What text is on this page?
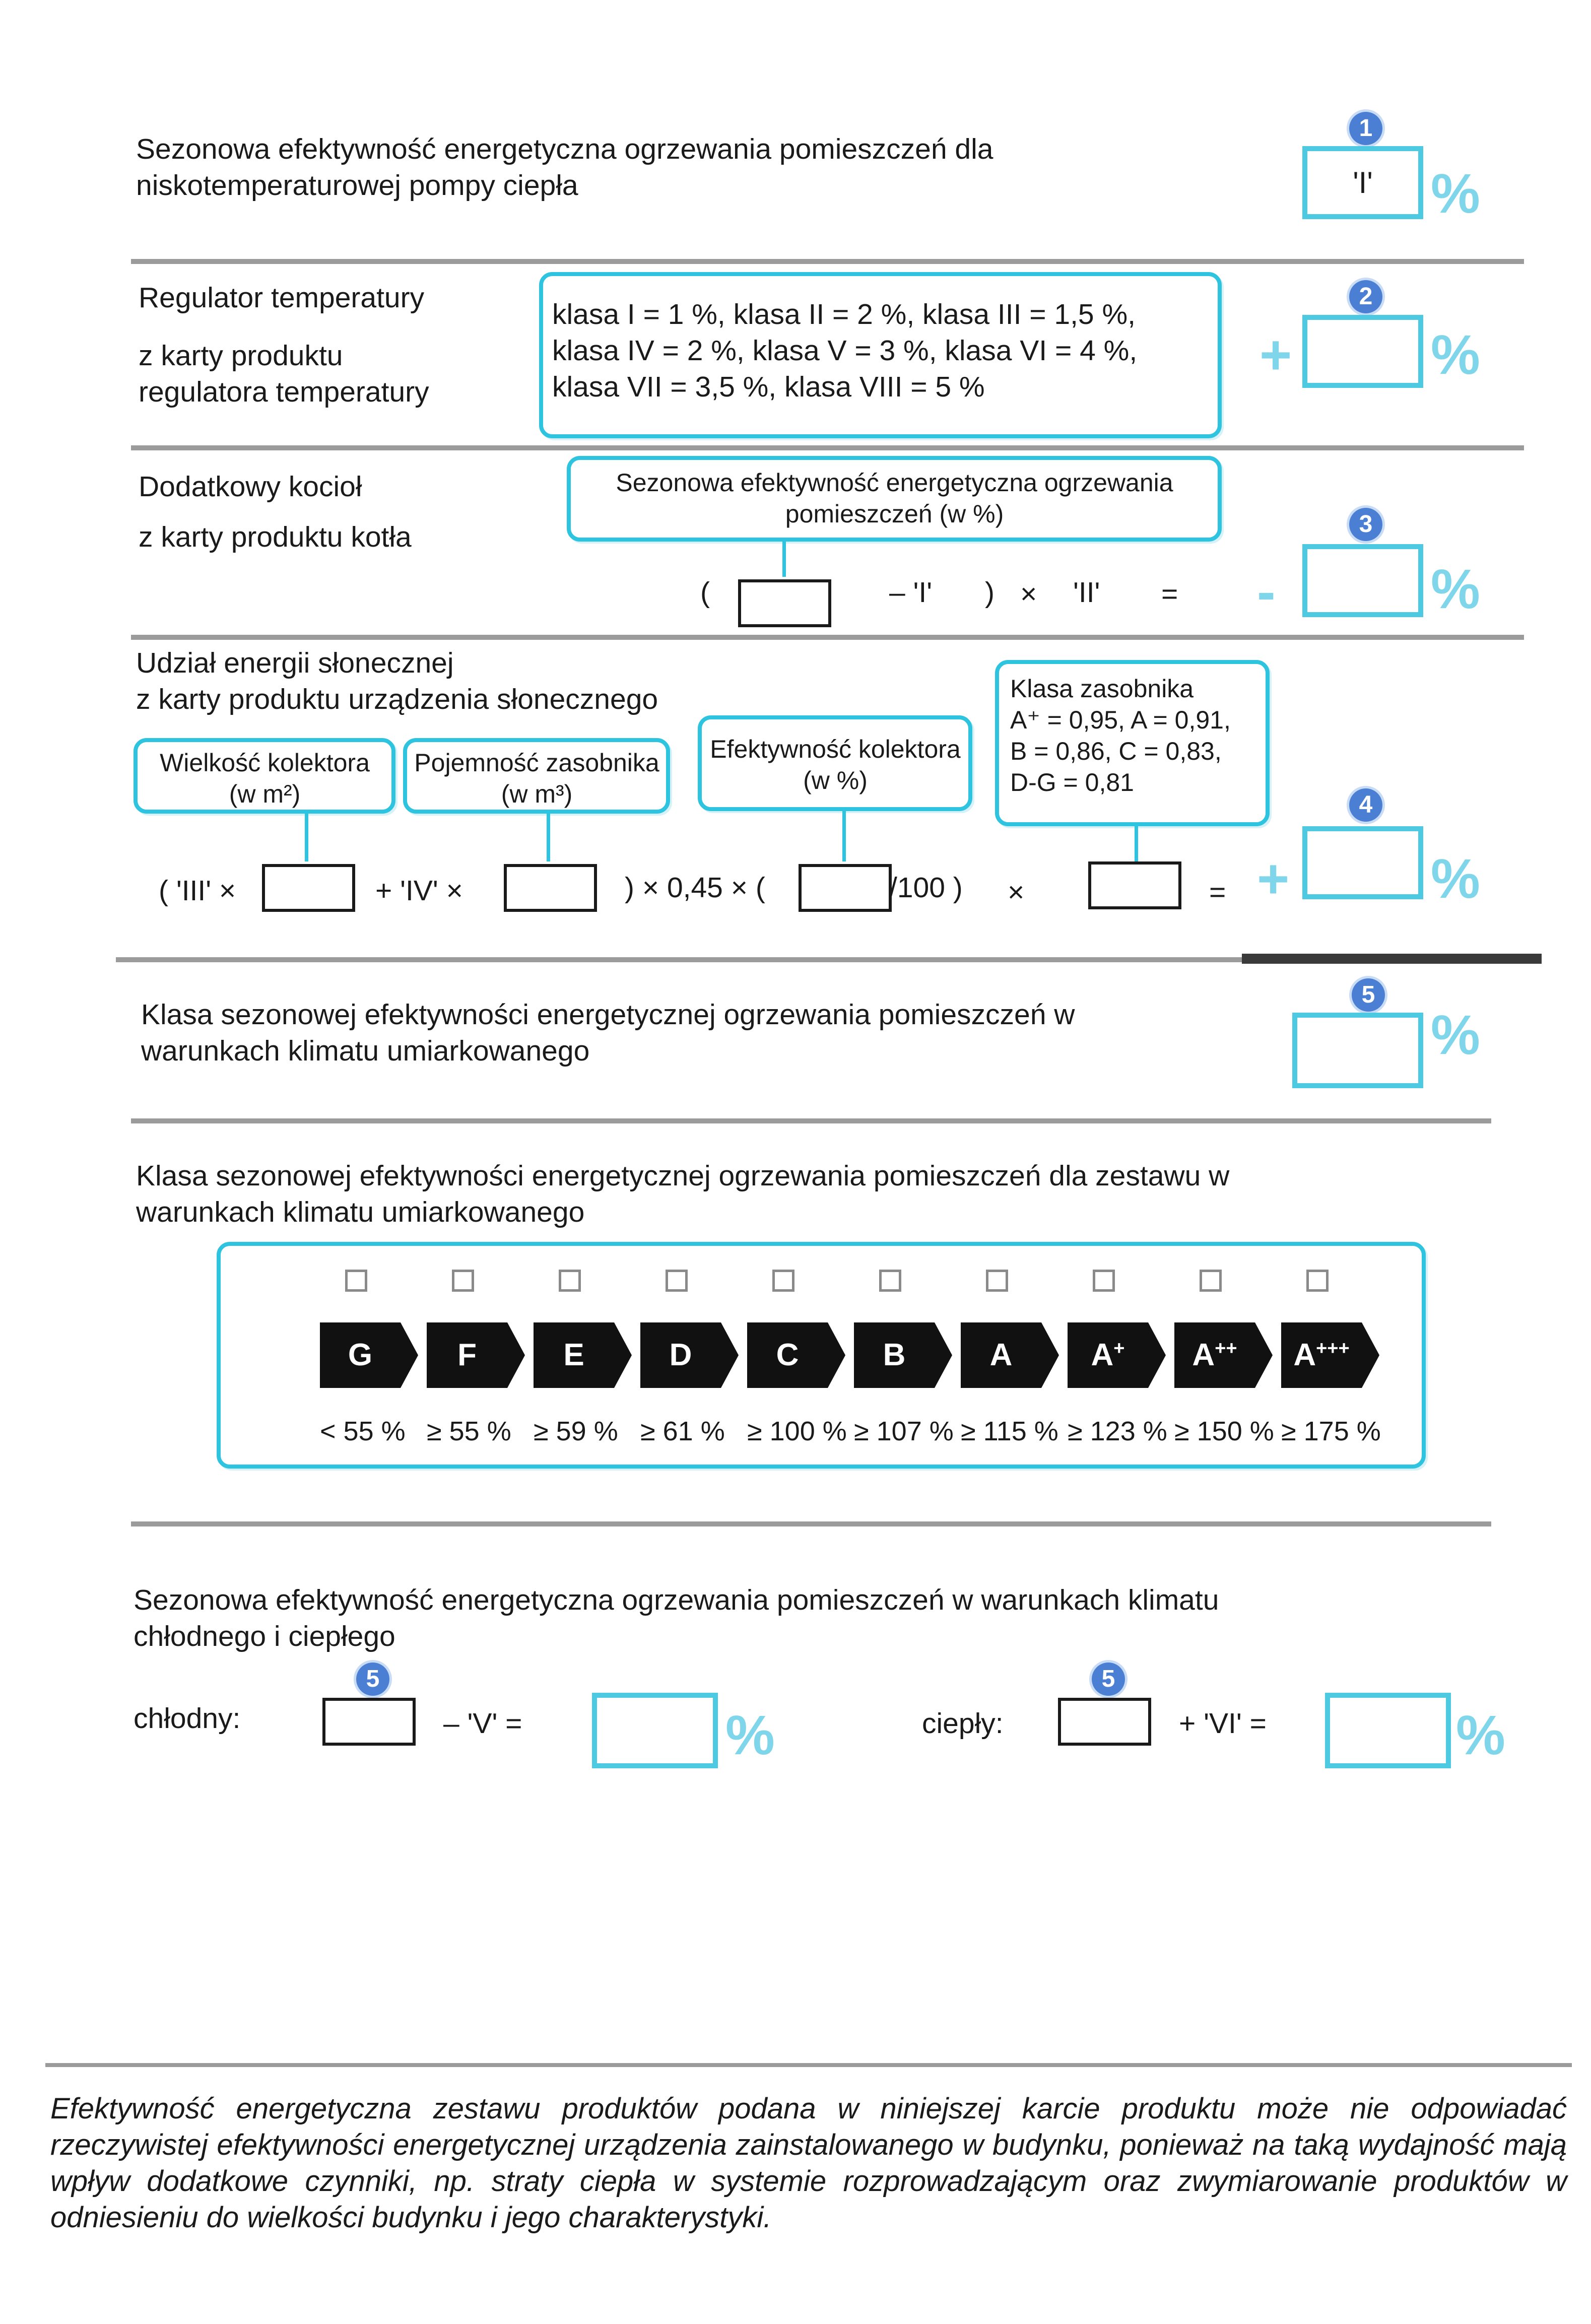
Sezonowa efektywność energetyczna ogrzewania pomieszczeń dla
niskotemperaturowej pompy ciepła
1
'I'	%
Regulator temperatury
z karty produktu
regulatora temperatury
klasa I = 1 %, klasa II = 2 %, klasa III = 1,5 %,
klasa IV = 2 %, klasa V = 3 %, klasa VI = 4 %,
klasa VII = 3,5 %, klasa VIII = 5 %
+
2
%
Dodatkowy kocioł
z karty produktu kotła
Sezonowa efektywność energetyczna ogrzewania
pomieszczeń (w %)
(	– 'I' ) × 'II' = -
3
%
Udział energii słonecznej
z karty produktu urządzenia słonecznego
Wielkość kolektora
(w m²)
Pojemność zasobnika
(w m³)
Efektywność kolektora
(w %)
Klasa zasobnika
A⁺ = 0,95, A = 0,91,
B = 0,86, C = 0,83,
D-G = 0,81
( 'III' ×	+ 'IV' ×	) × 0,45 × (	/100 ) ×	= +
4
%
Klasa sezonowej efektywności energetycznej ogrzewania pomieszczeń w
warunkach klimatu umiarkowanego
5
%
Klasa sezonowej efektywności energetycznej ogrzewania pomieszczeń dla zestawu w
warunkach klimatu umiarkowanego
G
< 55 %
F
≥ 55 %
E
≥ 59 %
D
≥ 61 %
C
≥ 100 %
B
≥ 107 %
A
≥ 115 %
A+
≥ 123 %
A++
≥ 150 %
A+++
≥ 175 %
Sezonowa efektywność energetyczna ogrzewania pomieszczeń w warunkach klimatu
chłodnego i ciepłego
chłodny:
5
– 'V' =	%	ciepły:
5
+ 'VI' =	%
Efektywność energetyczna zestawu produktów podana w niniejszej karcie produktu może nie odpowiadać rzeczywistej efektywności energetycznej urządzenia zainstalowanego w budynku, ponieważ na taką wydajność mają wpływ dodatkowe czynniki, np. straty ciepła w systemie rozprowadzającym oraz zwymiarowanie produktów w odniesieniu do wielkości budynku i jego charakterystyki.
